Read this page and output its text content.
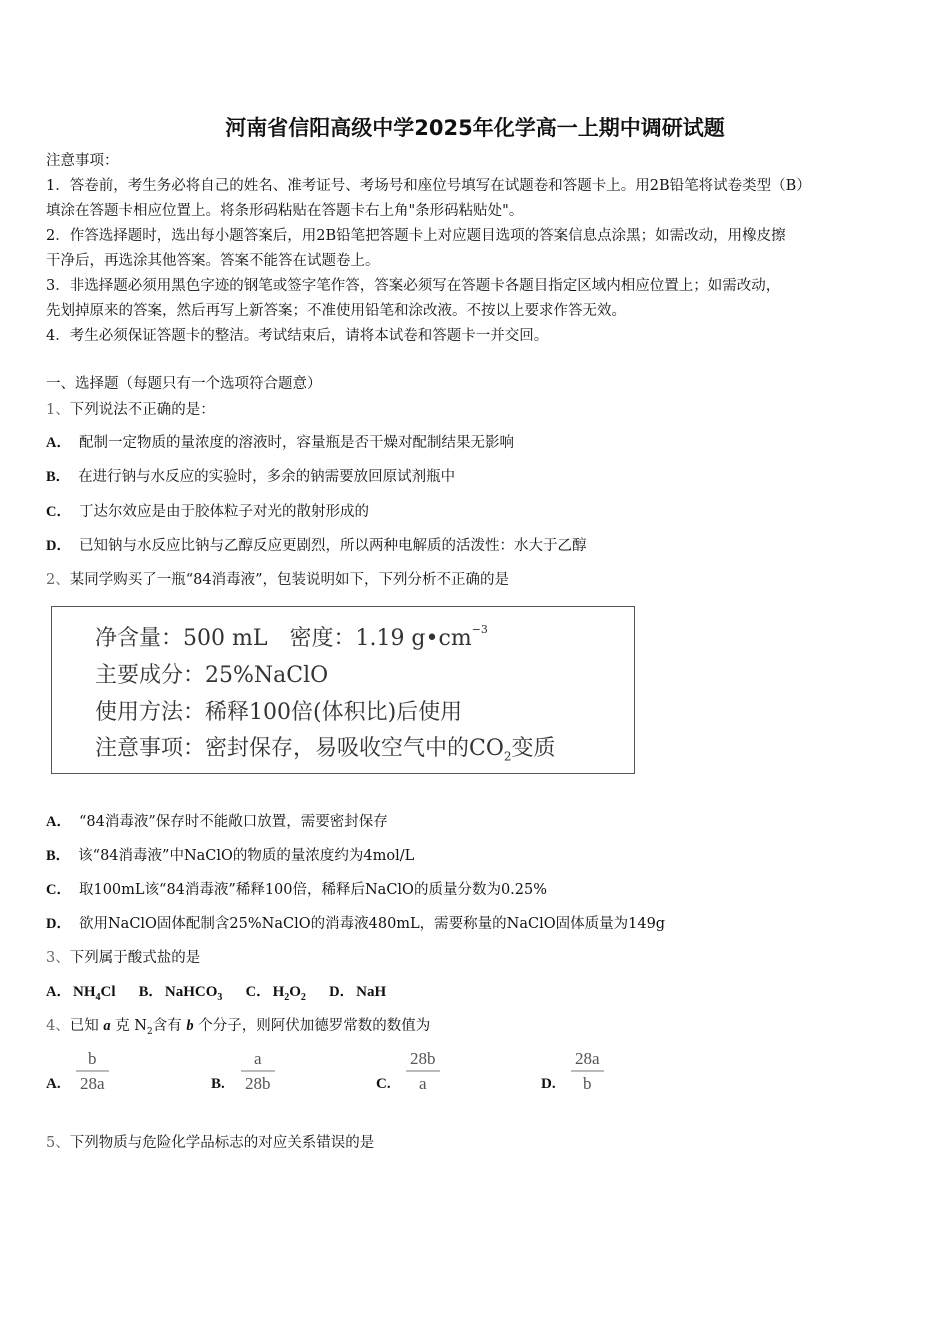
河南省信阳高级中学2025年化学高一上期中调研试题
注意事项：
1．答卷前，考生务必将自己的姓名、准考证号、考场号和座位号填写在试题卷和答题卡上。用2B铅笔将试卷类型（B）
填涂在答题卡相应位置上。将条形码粘贴在答题卡右上角"条形码粘贴处"。
2．作答选择题时，选出每小题答案后，用2B铅笔把答题卡上对应题目选项的答案信息点涂黑；如需改动，用橡皮擦
干净后，再选涂其他答案。答案不能答在试题卷上。
3．非选择题必须用黑色字迹的钢笔或签字笔作答，答案必须写在答题卡各题目指定区域内相应位置上；如需改动，
先划掉原来的答案，然后再写上新答案；不准使用铅笔和涂改液。不按以上要求作答无效。
4．考生必须保证答题卡的整洁。考试结束后，请将本试卷和答题卡一并交回。
一、选择题（每题只有一个选项符合题意）
1、下列说法不正确的是：
A． 配制一定物质的量浓度的溶液时，容量瓶是否干燥对配制结果无影响
B． 在进行钠与水反应的实验时，多余的钠需要放回原试剂瓶中
C． 丁达尔效应是由于胶体粒子对光的散射形成的
D． 已知钠与水反应比钠与乙醇反应更剧烈，所以两种电解质的活泼性：水大于乙醇
2、某同学购买了一瓶“84消毒液”，包装说明如下，下列分析不正确的是
净含量：500 mL　密度：1.19 $g•cm^{-3}$
主要成分：25%NaClO
使用方法：稀释100倍(体积比)后使用
注意事项：密封保存，易吸收空气中的$CO_2$变质
A． “84消毒液”保存时不能敞口放置，需要密封保存
B． 该“84消毒液”中NaClO的物质的量浓度约为4mol/L
C． 取100mL该“84消毒液”稀释100倍，稀释后NaClO的质量分数为0.25%
D． 欲用NaClO固体配制含25%NaClO的消毒液480mL，需要称量的NaClO固体质量为149g
3、下列属于酸式盐的是
A． $NH_4Cl$ B． NaHCO$_3$ C． $H_2O_2$ D． NaH
4、已知 a 克 $N_2$含有 b 个分子，则阿伏加德罗常数的数值为
A.
b
28a	B.
a
28b	C.
28b
a	D.
28a
b
5、下列物质与危险化学品标志的对应关系错误的是
